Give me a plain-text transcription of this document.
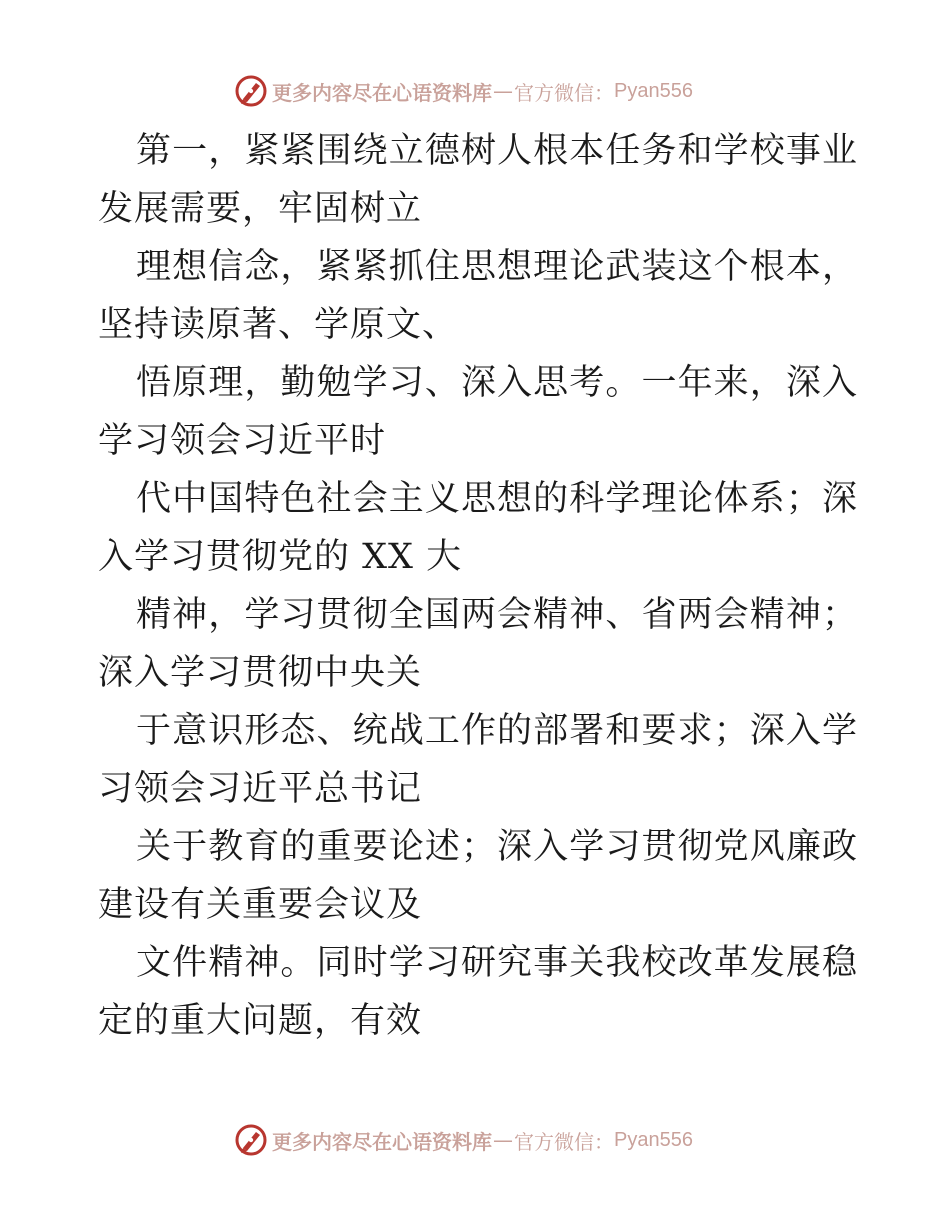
更多内容尽在心语资料库 — 官方微信： Pyan556

第一，紧紧围绕立德树人根本任务和学校事业发展需要，牢固树立

理想信念，紧紧抓住思想理论武装这个根本，坚持读原著、学原文、

悟原理，勤勉学习、深入思考。一年来，深入学习领会习近平时

代中国特色社会主义思想的科学理论体系；深入学习贯彻党的 XX 大

精神，学习贯彻全国两会精神、省两会精神；深入学习贯彻中央关

于意识形态、统战工作的部署和要求；深入学习领会习近平总书记

关于教育的重要论述；深入学习贯彻党风廉政建设有关重要会议及

文件精神。同时学习研究事关我校改革发展稳定的重大问题，有效

更多内容尽在心语资料库 — 官方微信： Pyan556
